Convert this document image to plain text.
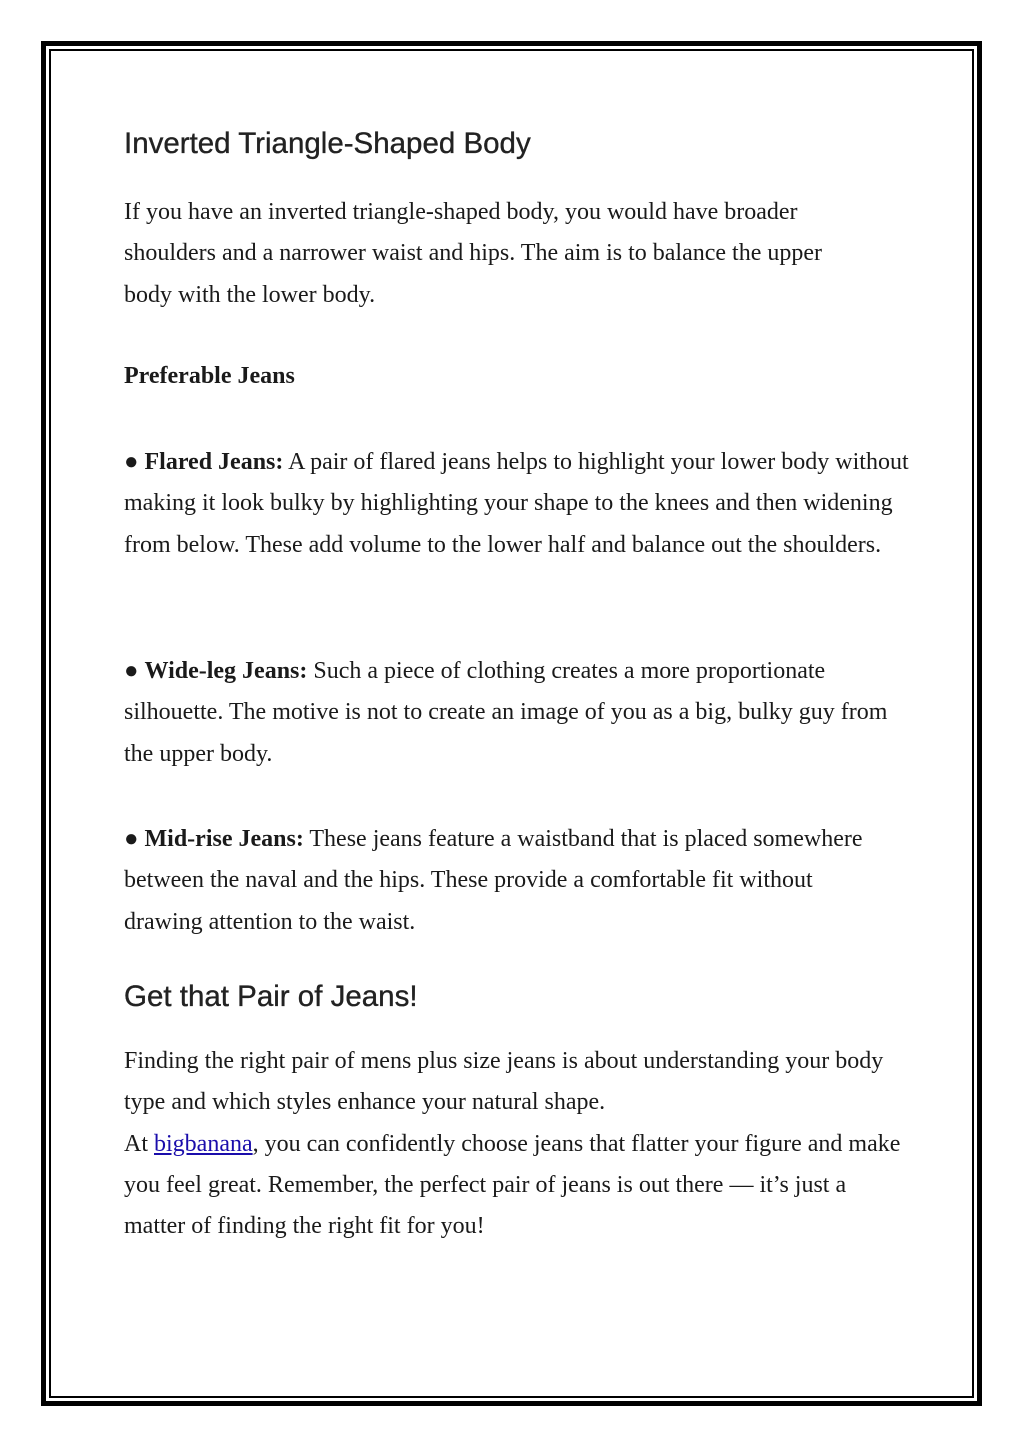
Inverted Triangle-Shaped Body

If you have an inverted triangle-shaped body, you would have broader shoulders and a narrower waist and hips. The aim is to balance the upper body with the lower body.

Preferable Jeans

● Flared Jeans: A pair of flared jeans helps to highlight your lower body without making it look bulky by highlighting your shape to the knees and then widening from below. These add volume to the lower half and balance out the shoulders.

● Wide-leg Jeans: Such a piece of clothing creates a more proportionate silhouette. The motive is not to create an image of you as a big, bulky guy from the upper body.

● Mid-rise Jeans: These jeans feature a waistband that is placed somewhere between the naval and the hips. These provide a comfortable fit without drawing attention to the waist.

Get that Pair of Jeans!

Finding the right pair of mens plus size jeans is about understanding your body type and which styles enhance your natural shape.
At bigbanana, you can confidently choose jeans that flatter your figure and make you feel great. Remember, the perfect pair of jeans is out there — it’s just a matter of finding the right fit for you!
